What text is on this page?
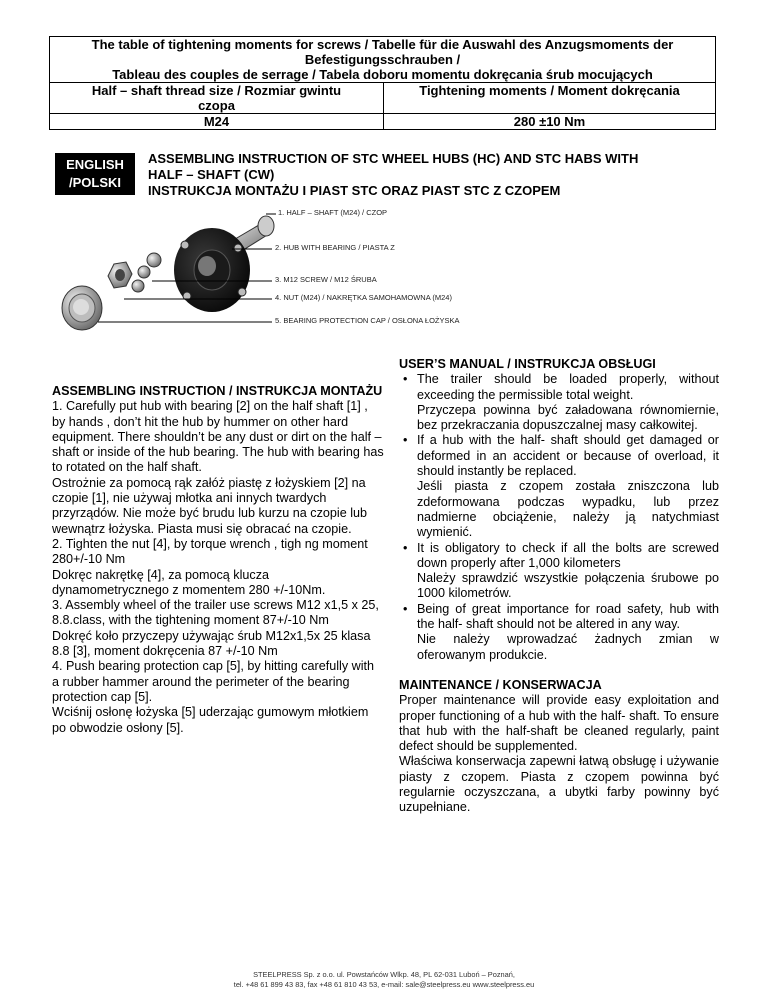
The table of tightening moments for screws / Tabelle für die Auswahl des Anzugsmoments der
Befestigungsschrauben /
Tableau des couples de serrage / Tabela doboru momentu dokręcania śrub mocujących	

Half – shaft thread size / Rozmiar gwintu
czopa	Tightening moments / Moment dokręcania
M24	280 ±10 Nm
ENGLISH
/POLSKI
ASSEMBLING INSTRUCTION OF STC WHEEL HUBS (HC) AND STC HABS WITH
HALF – SHAFT (CW)
INSTRUKCJA MONTAŻU I PIAST STC ORAZ PIAST STC Z CZOPEM
1. HALF – SHAFT (M24) / CZOP
2. HUB WITH BEARING / PIASTA Z
3. M12 SCREW / M12 ŚRUBA
4. NUT (M24) / NAKRĘTKA SAMOHAMOWNA (M24)
5. BEARING PROTECTION CAP / OSŁONA ŁOŻYSKA

ASSEMBLING INSTRUCTION / INSTRUKCJA MONTAŻU

1. Carefully put hub with bearing [2] on the half shaft [1] , by hands , don’t hit the hub by hummer on other hard equipment. There shouldn’t be any dust or dirt on the half – shaft or inside of the hub bearing. The hub with bearing has to rotated on the half shaft.

Ostrożnie za pomocą rąk załóż piastę z łożyskiem [2] na czopie [1], nie używaj młotka ani innych twardych przyrządów. Nie może być brudu lub kurzu na czopie lub wewnątrz łożyska. Piasta musi się obracać na czopie.

2. Tighten the nut [4], by torque wrench , tigh ng moment 280+/-10 Nm

Dokręc nakrętkę [4], za pomocą klucza dynamometrycznego z momentem 280 +/-10Nm.

3. Assembly wheel of the trailer use screws M12 x1,5 x 25, 8.8.class, with the tightening moment 87+/-10 Nm

Dokręć koło przyczepy używając śrub M12x1,5x 25 klasa 8.8 [3], moment dokręcenia 87 +/-10 Nm

4. Push bearing protection cap [5], by hitting carefully with a rubber hammer around the perimeter of the bearing protection cap [5].

Wciśnij osłonę łożyska [5] uderzając gumowym młotkiem po obwodzie osłony [5].

USER’S MANUAL / INSTRUKCJA OBSŁUGI

• The trailer should be loaded properly, without exceeding the permissible total weight.
Przyczepa powinna być załadowana równomiernie, bez przekraczania dopuszczalnej masy całkowitej.
• If a hub with the half- shaft should get damaged or deformed in an accident or because of overload, it should instantly be replaced.
Jeśli piasta z czopem została zniszczona lub zdeformowana podczas wypadku, lub przez nadmierne obciążenie, należy ją natychmiast wymienić.
• It is obligatory to check if all the bolts are screwed down properly after 1,000 kilometers
Należy sprawdzić wszystkie połączenia śrubowe po 1000 kilometrów.
• Being of great importance for road safety, hub with the half- shaft should not be altered in any way.
Nie należy wprowadzać żadnych zmian w oferowanym produkcie.

MAINTENANCE / KONSERWACJA

Proper maintenance will provide easy exploitation and proper functioning of a hub with the half- shaft. To ensure that hub with the half-shaft be cleaned regularly, paint defect should be supplemented.

Właściwa konserwacja zapewni łatwą obsługę i używanie piasty z czopem. Piasta z czopem powinna być regularnie oczyszczana, a ubytki farby powinny być uzupełniane.

STEELPRESS Sp. z o.o. ul. Powstańców Wlkp. 48, PL 62-031 Luboń – Poznań,
tel. +48 61 899 43 83, fax +48 61 810 43 53, e-mail: sale@steelpress.eu www.steelpress.eu
